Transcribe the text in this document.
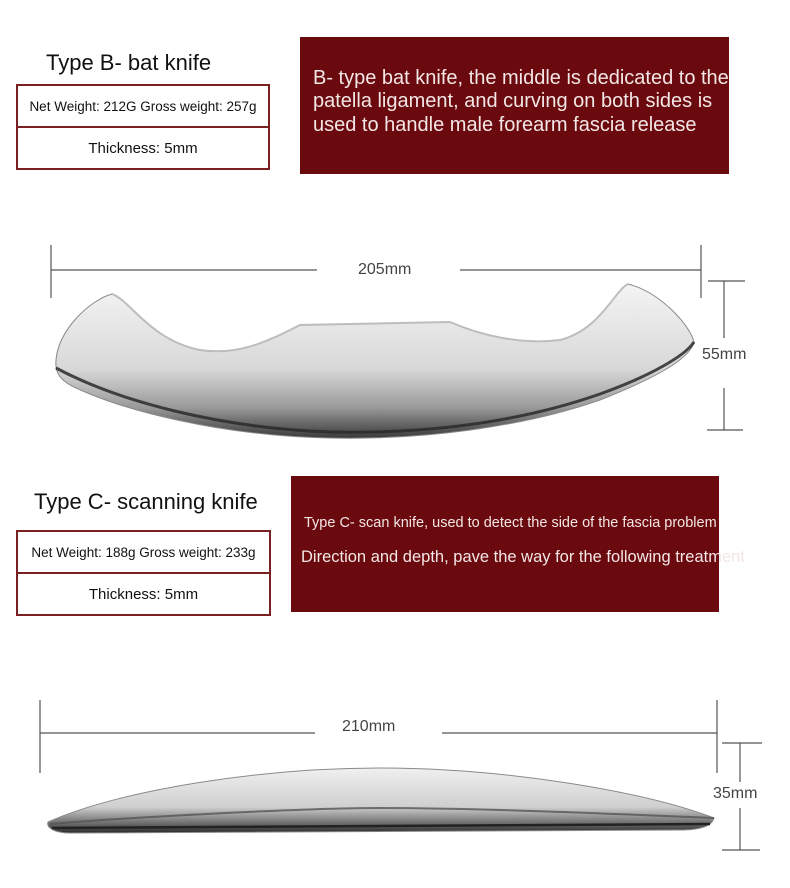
Type B- bat knife
Net Weight: 212G Gross weight: 257g
Thickness: 5mm
B- type bat knife, the middle is dedicated to the
patella ligament, and curving on both sides is
used to handle male forearm fascia release
205mm
55mm
Type C- scanning knife
Net Weight: 188g Gross weight: 233g
Thickness: 5mm
Type C- scan knife, used to detect the side of the fascia problem
Direction and depth, pave the way for the following treatment
210mm
35mm
